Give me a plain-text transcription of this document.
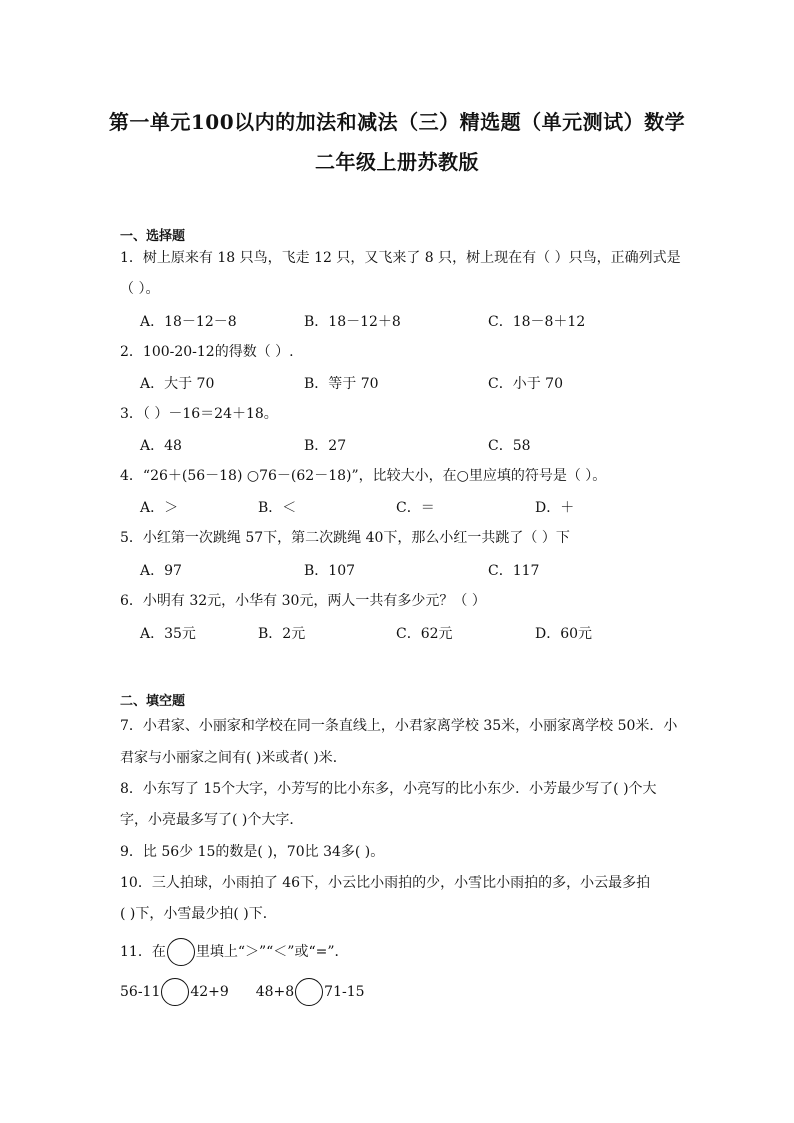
第一单元100以内的加法和减法（三）精选题（单元测试）数学
二年级上册苏教版
一、选择题
1．树上原来有 18 只鸟，飞走 12 只，又飞来了 8 只，树上现在有（ ）只鸟，正确列式是
（ ）。
A．18－12－8	B．18－12＋8	C．18－8＋12
2．100-20-12的得数（ ）.
A．大于 70	B．等于 70	C．小于 70
3．（ ）－16＝24＋18。
A．48	B．27	C．58
4．“26＋(56－18) ○76－(62－18)”，比较大小，在○里应填的符号是（ ）。
A．＞	B．＜	C．＝	D．＋
5．小红第一次跳绳 57下，第二次跳绳 40下，那么小红一共跳了（ ）下
A．97	B．107	C．117
6．小明有 32元，小华有 30元，两人一共有多少元？（ ）
A．35元	B．2元	C．62元	D．60元
二、填空题
7．小君家、小丽家和学校在同一条直线上，小君家离学校 35米，小丽家离学校 50米．小
君家与小丽家之间有( )米或者( )米．
8．小东写了 15个大字，小芳写的比小东多，小亮写的比小东少．小芳最少写了( )个大
字，小亮最多写了( )个大字．
9．比 56少 15的数是( )，70比 34多( )。
10．三人拍球，小雨拍了 46下，小云比小雨拍的少，小雪比小雨拍的多，小云最多拍
( )下，小雪最少拍( )下．
11．在 里填上“＞”“＜”或“=”．
56-11 42+9 48+8 71-15
